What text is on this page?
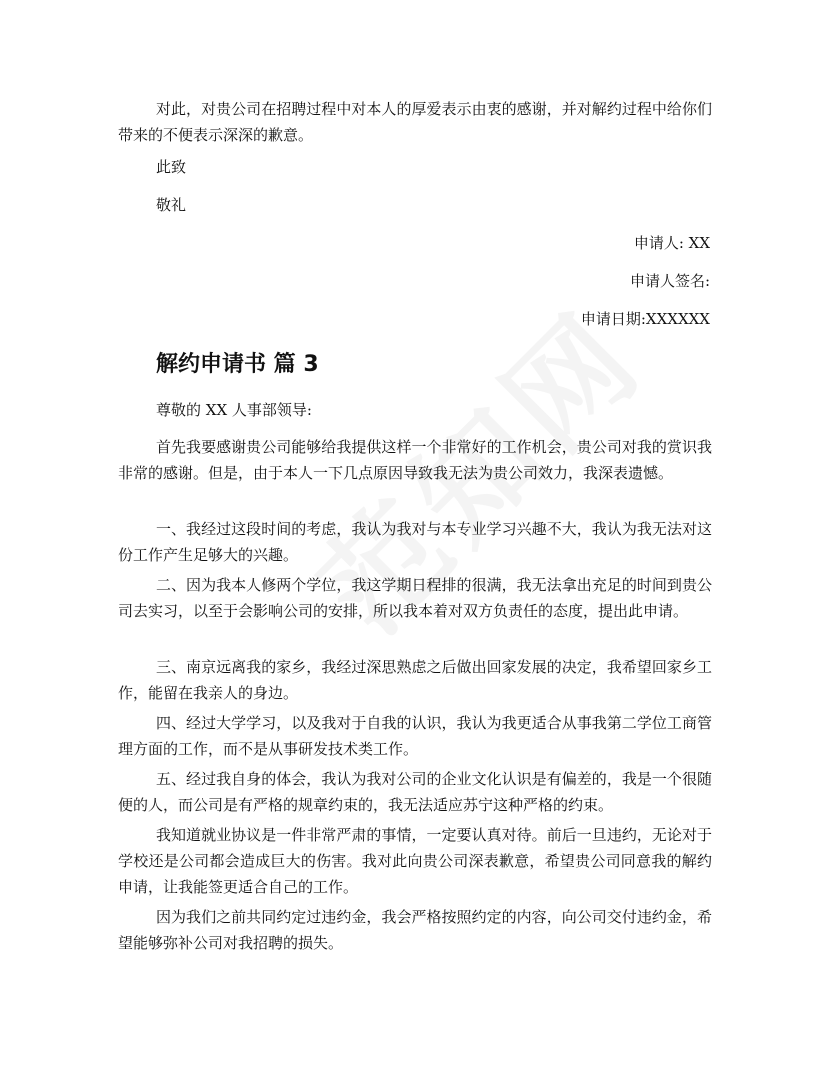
对此，对贵公司在招聘过程中对本人的厚爱表示由衷的感谢，并对解约过程中给你们带来的不便表示深深的歉意。

此致

敬礼

申请人: XX

申请人签名:

申请日期:XXXXXX

解约申请书 篇 3

尊敬的 XX 人事部领导:

首先我要感谢贵公司能够给我提供这样一个非常好的工作机会，贵公司对我的赏识我非常的感谢。但是，由于本人一下几点原因导致我无法为贵公司效力，我深表遗憾。

一、我经过这段时间的考虑，我认为我对与本专业学习兴趣不大，我认为我无法对这份工作产生足够大的兴趣。

二、因为我本人修两个学位，我这学期日程排的很满，我无法拿出充足的时间到贵公司去实习，以至于会影响公司的安排，所以我本着对双方负责任的态度，提出此申请。

三、南京远离我的家乡，我经过深思熟虑之后做出回家发展的决定，我希望回家乡工作，能留在我亲人的身边。

四、经过大学学习，以及我对于自我的认识，我认为我更适合从事我第二学位工商管理方面的工作，而不是从事研发技术类工作。

五、经过我自身的体会，我认为我对公司的企业文化认识是有偏差的，我是一个很随便的人，而公司是有严格的规章约束的，我无法适应苏宁这种严格的约束。

我知道就业协议是一件非常严肃的事情，一定要认真对待。前后一旦违约，无论对于学校还是公司都会造成巨大的伤害。我对此向贵公司深表歉意，希望贵公司同意我的解约申请，让我能签更适合自己的工作。

因为我们之前共同约定过违约金，我会严格按照约定的内容，向公司交付违约金，希望能够弥补公司对我招聘的损失。
